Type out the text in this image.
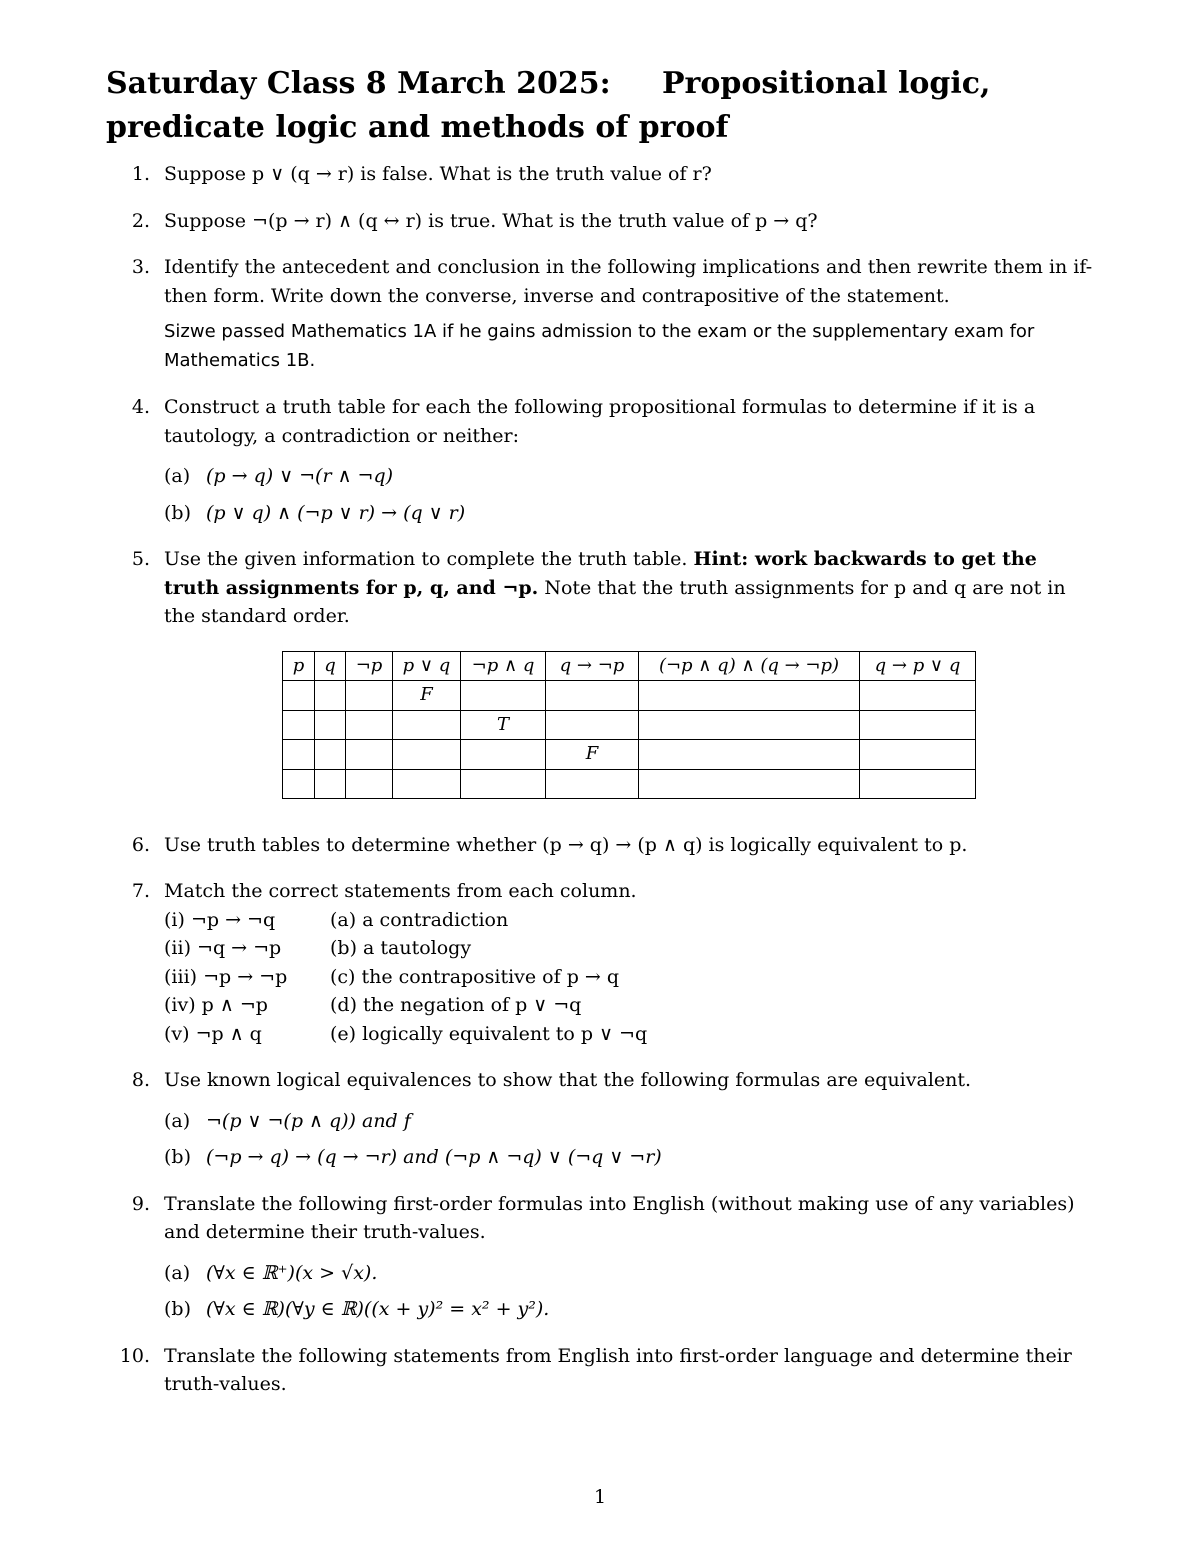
Saturday Class 8 March 2025: Propositional logic, predicate logic and methods of proof
1. Suppose p ∨ (q → r) is false. What is the truth value of r?
2. Suppose ¬(p → r) ∧ (q ↔ r) is true. What is the truth value of p → q?
3. Identify the antecedent and conclusion in the following implications and then rewrite them in if-then form. Write down the converse, inverse and contrapositive of the statement.
Sizwe passed Mathematics 1A if he gains admission to the exam or the supplementary exam for Mathematics 1B.
4. Construct a truth table for each the following propositional formulas to determine if it is a tautology, a contradiction or neither:
(a) (p → q) ∨ ¬(r ∧ ¬q)
(b) (p ∨ q) ∧ (¬p ∨ r) → (q ∨ r)
5. Use the given information to complete the truth table. Hint: work backwards to get the truth assignments for p, q, and ¬p. Note that the truth assignments for p and q are not in the standard order.
p	q	¬p	p ∨ q	¬p ∧ q	q → ¬p	(¬p ∧ q) ∧ (q → ¬p)	q → p ∨ q
			F				
				T			
					F		

6. Use truth tables to determine whether (p → q) → (p ∧ q) is logically equivalent to p.
7. Match the correct statements from each column.
(i) ¬p → ¬q	(a) a contradiction
(ii) ¬q → ¬p	(b) a tautology
(iii) ¬p → ¬p	(c) the contrapositive of p → q
(iv) p ∧ ¬p	(d) the negation of p ∨ ¬q
(v) ¬p ∧ q	(e) logically equivalent to p ∨ ¬q
8. Use known logical equivalences to show that the following formulas are equivalent.
(a) ¬(p ∨ ¬(p ∧ q)) and f
(b) (¬p → q) → (q → ¬r) and (¬p ∧ ¬q) ∨ (¬q ∨ ¬r)
9. Translate the following first-order formulas into English (without making use of any variables) and determine their truth-values.
(a) (∀x ∈ ℝ⁺)(x > √x).
(b) (∀x ∈ ℝ)(∀y ∈ ℝ)((x + y)² = x² + y²).
10. Translate the following statements from English into first-order language and determine their truth-values.
1
